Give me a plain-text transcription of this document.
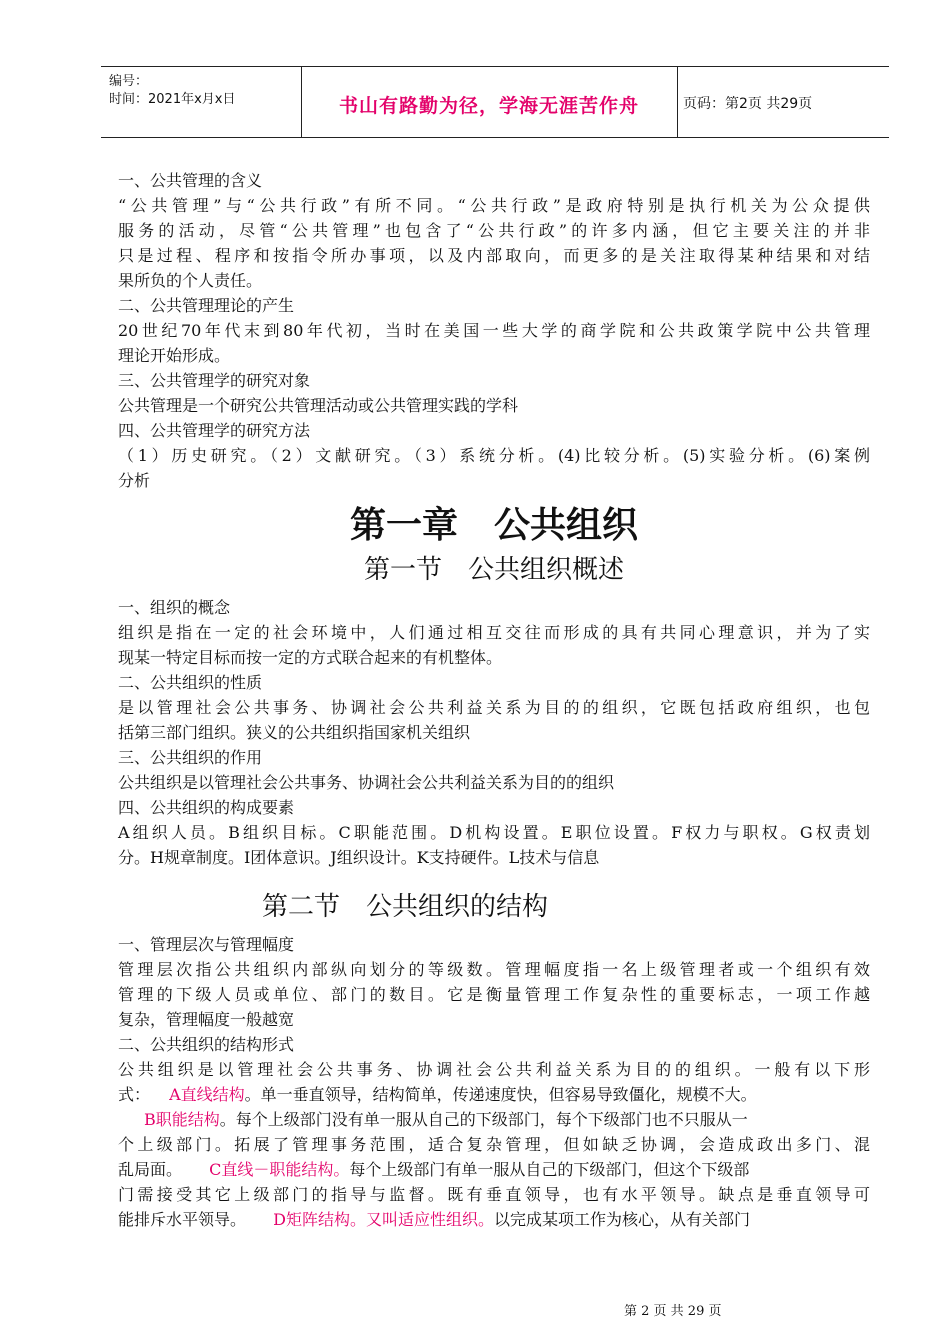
编号：
时间：2021年x月x日	书山有路勤为径，学海无涯苦作舟	页码：第2页 共29页
一、公共管理的含义
“公共管理”与“公共行政”有所不同。“公共行政”是政府特别是执行机关为公众提供
服务的活动，尽管“公共管理”也包含了“公共行政”的许多内涵，但它主要关注的并非
只是过程、程序和按指令所办事项，以及内部取向，而更多的是关注取得某种结果和对结
果所负的个人责任。
二、公共管理理论的产生
20世纪70年代末到80年代初，当时在美国一些大学的商学院和公共政策学院中公共管理
理论开始形成。
三、公共管理学的研究对象
公共管理是一个研究公共管理活动或公共管理实践的学科
四、公共管理学的研究方法
（1）历史研究。（2）文献研究。（3）系统分析。(4)比较分析。(5)实验分析。(6)案例
分析
第一章　公共组织
第一节　公共组织概述
一、组织的概念
组织是指在一定的社会环境中，人们通过相互交往而形成的具有共同心理意识，并为了实
现某一特定目标而按一定的方式联合起来的有机整体。
二、公共组织的性质
是以管理社会公共事务、协调社会公共利益关系为目的的组织，它既包括政府组织，也包
括第三部门组织。狭义的公共组织指国家机关组织
三、公共组织的作用
公共组织是以管理社会公共事务、协调社会公共利益关系为目的的组织
四、公共组织的构成要素
A组织人员。B组织目标。C职能范围。D机构设置。E职位设置。F权力与职权。G权责划
分。H规章制度。I团体意识。J组织设计。K支持硬件。L技术与信息
第二节　公共组织的结构
一、管理层次与管理幅度
管理层次指公共组织内部纵向划分的等级数。管理幅度指一名上级管理者或一个组织有效
管理的下级人员或单位、部门的数目。它是衡量管理工作复杂性的重要标志，一项工作越
复杂，管理幅度一般越宽
二、公共组织的结构形式
公共组织是以管理社会公共事务、协调社会公共利益关系为目的的组织。一般有以下形
式： A直线结构。单一垂直领导，结构简单，传递速度快，但容易导致僵化，规模不大。
B职能结构。每个上级部门没有单一服从自己的下级部门，每个下级部门也不只服从一
个上级部门。拓展了管理事务范围，适合复杂管理，但如缺乏协调，会造成政出多门、混
乱局面。 C直线－职能结构。每个上级部门有单一服从自己的下级部门，但这个下级部
门需接受其它上级部门的指导与监督。既有垂直领导，也有水平领导。缺点是垂直领导可
能排斥水平领导。 D矩阵结构。又叫适应性组织。以完成某项工作为核心，从有关部门
第 2 页 共 29 页
